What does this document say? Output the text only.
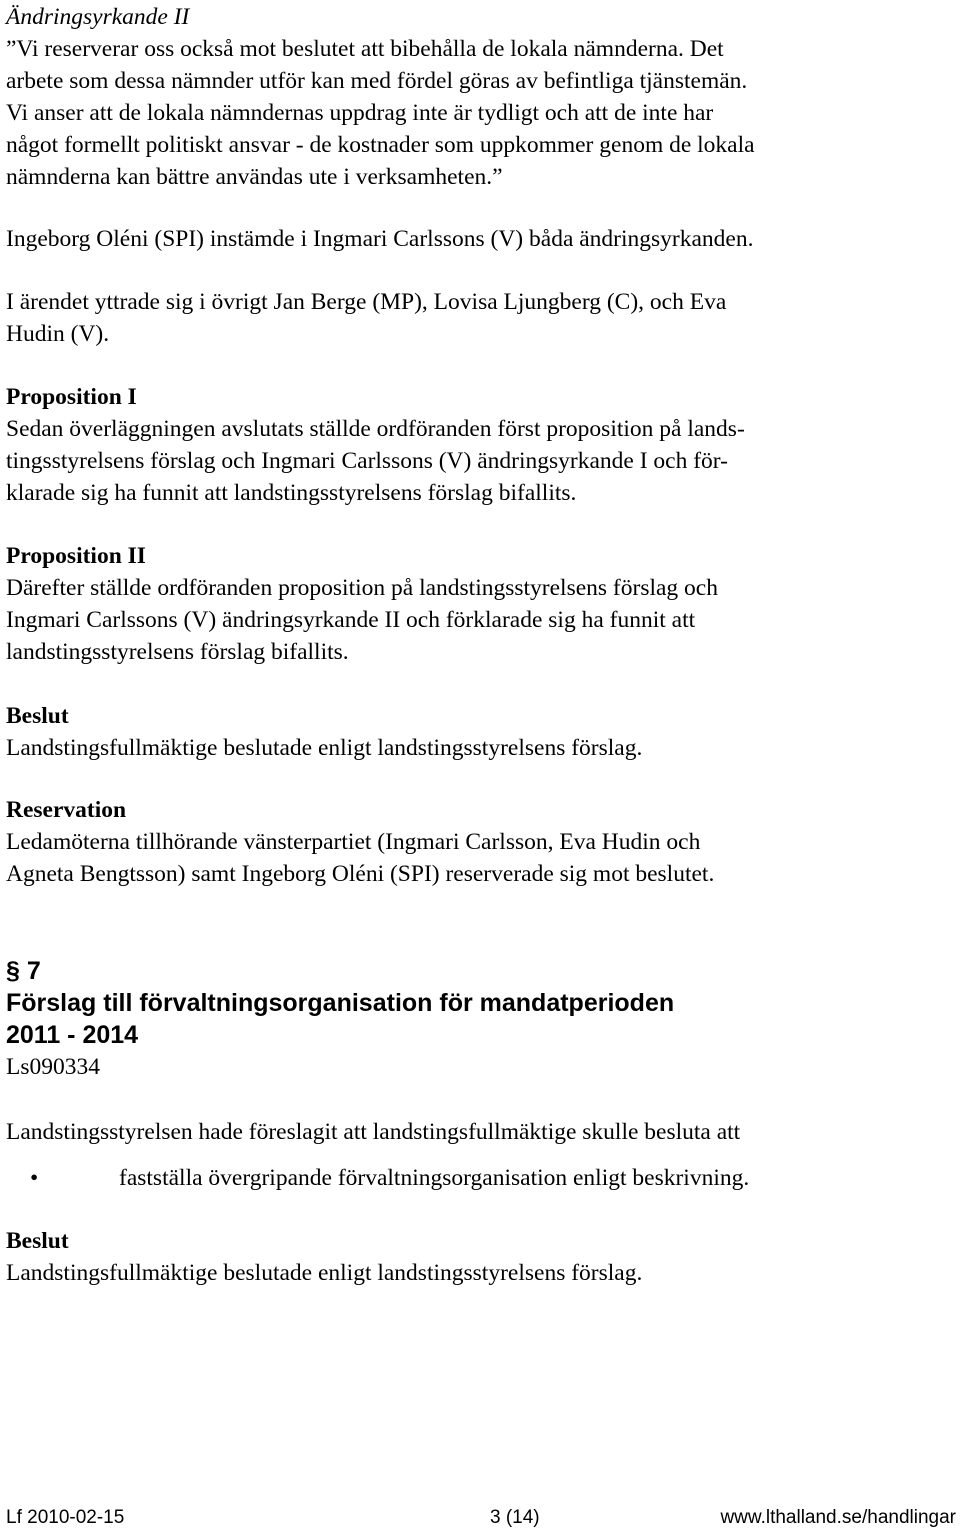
Ändringsyrkande II
”Vi reserverar oss också mot beslutet att bibehålla de lokala nämnderna. Det
arbete som dessa nämnder utför kan med fördel göras av befintliga tjänstemän.
Vi anser att de lokala nämndernas uppdrag inte är tydligt och att de inte har
något formellt politiskt ansvar - de kostnader som uppkommer genom de lokala
nämnderna kan bättre användas ute i verksamheten.”
Ingeborg Oléni (SPI) instämde i Ingmari Carlssons (V) båda ändringsyrkanden.
I ärendet yttrade sig i övrigt Jan Berge (MP), Lovisa Ljungberg (C), och Eva
Hudin (V).
Proposition I
Sedan överläggningen avslutats ställde ordföranden först proposition på lands-
tingsstyrelsens förslag och Ingmari Carlssons (V) ändringsyrkande I och för-
klarade sig ha funnit att landstingsstyrelsens förslag bifallits.
Proposition II
Därefter ställde ordföranden proposition på landstingsstyrelsens förslag och
Ingmari Carlssons (V) ändringsyrkande II och förklarade sig ha funnit att
landstingsstyrelsens förslag bifallits.
Beslut
Landstingsfullmäktige beslutade enligt landstingsstyrelsens förslag.
Reservation
Ledamöterna tillhörande vänsterpartiet (Ingmari Carlsson, Eva Hudin och
Agneta Bengtsson) samt Ingeborg Oléni (SPI) reserverade sig mot beslutet.
§ 7
Förslag till förvaltningsorganisation för mandatperioden
2011 - 2014
Ls090334
Landstingsstyrelsen hade föreslagit att landstingsfullmäktige skulle besluta att
•	fastställa övergripande förvaltningsorganisation enligt beskrivning.
Beslut
Landstingsfullmäktige beslutade enligt landstingsstyrelsens förslag.
Lf 2010-02-15	3 (14)	www.lthalland.se/handlingar
